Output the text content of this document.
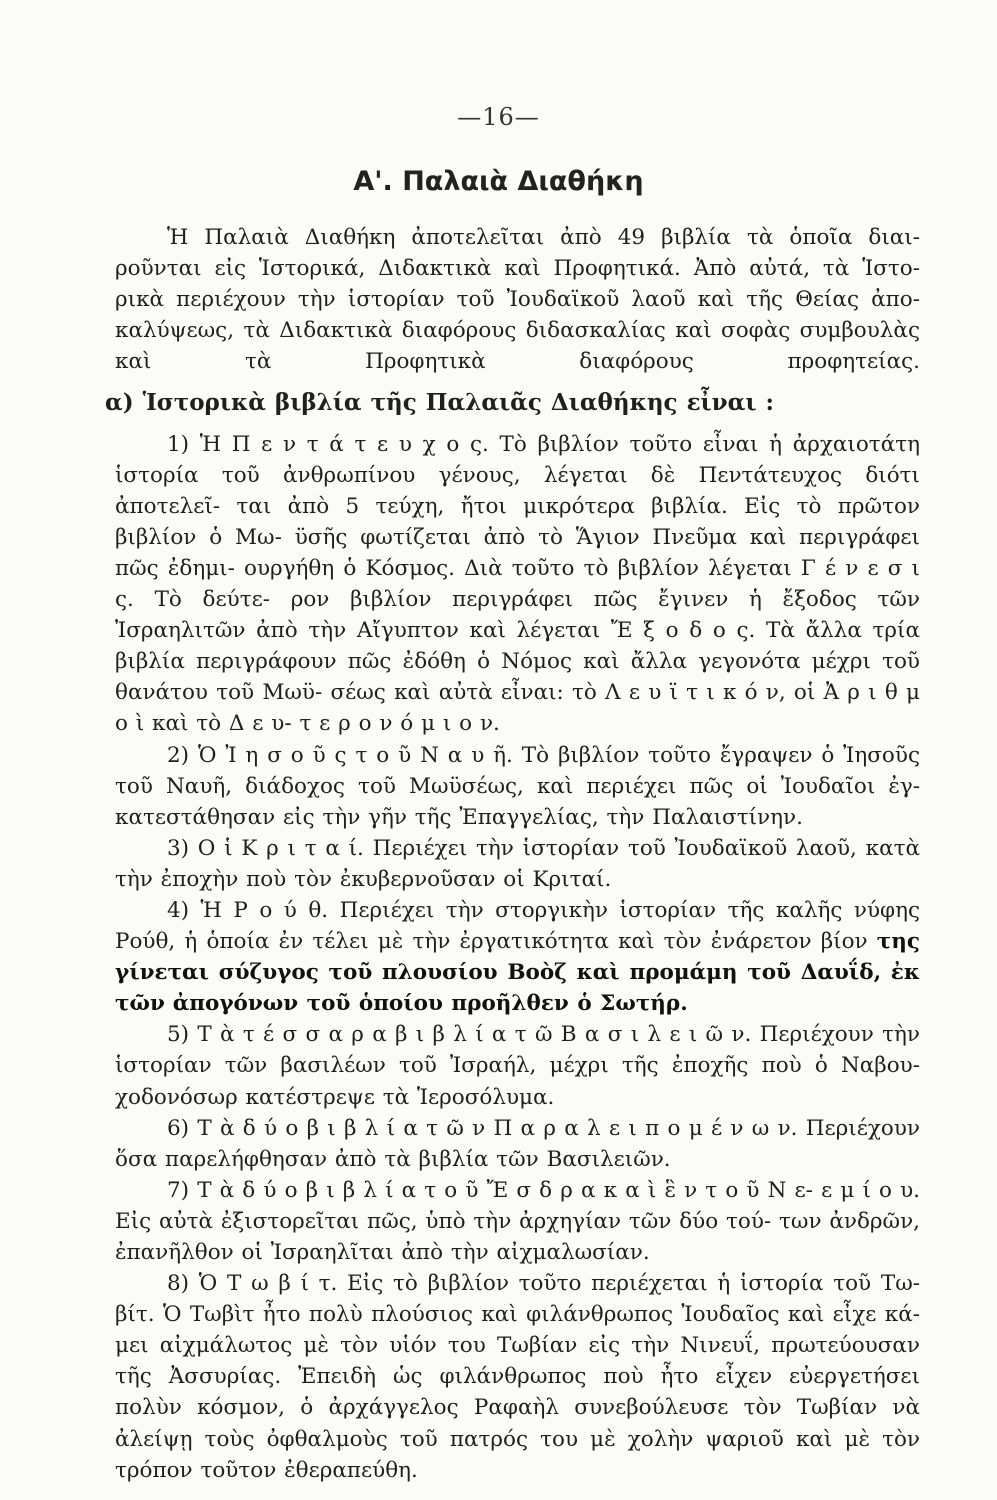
—16—
Α'. Παλαιὰ Διαθήκη

Ἡ Παλαιὰ Διαθήκη ἀποτελεῖται ἀπὸ 49 βιβλία τὰ ὁποῖα διαι- ροῦνται εἰς Ἱστορικά, Διδακτικὰ καὶ Προφητικά. Ἀπὸ αὐτά, τὰ Ἱστο- ρικὰ περιέχουν τὴν ἱστορίαν τοῦ Ἰουδαϊκοῦ λαοῦ καὶ τῆς Θείας ἀπο- καλύψεως, τὰ Διδακτικὰ διαφόρους διδασκαλίας καὶ σοφὰς συμβουλὰς καὶ τὰ Προφητικὰ διαφόρους προφητείας.

α) Ἱστορικὰ βιβλία τῆς Παλαιᾶς Διαθήκης εἶναι :

1) Ἡ Π ε ν τ ά τ ε υ χ ο ς. Τὸ βιβλίον τοῦτο εἶναι ἡ ἀρχαιοτάτη ἱστορία τοῦ ἀνθρωπίνου γένους, λέγεται δὲ Πεντάτευχος διότι ἀποτελεῖ- ται ἀπὸ 5 τεύχη, ἤτοι μικρότερα βιβλία. Εἰς τὸ πρῶτον βιβλίον ὁ Μω- ϋσῆς φωτίζεται ἀπὸ τὸ Ἅγιον Πνεῦμα καὶ περιγράφει πῶς ἐδημι- ουργήθη ὁ Κόσμος. Διὰ τοῦτο τὸ βιβλίον λέγεται Γ έ ν ε σ ι ς. Τὸ δεύτε- ρον βιβλίον περιγράφει πῶς ἔγινεν ἡ ἔξοδος τῶν Ἰσραηλιτῶν ἀπὸ τὴν Αἴγυπτον καὶ λέγεται Ἔ ξ ο δ ο ς. Τὰ ἄλλα τρία βιβλία περιγράφουν πῶς ἐδόθη ὁ Νόμος καὶ ἄλλα γεγονότα μέχρι τοῦ θανάτου τοῦ Μωϋ- σέως καὶ αὐτὰ εἶναι: τὸ Λ ε υ ϊ τ ι κ ό ν, οἱ Ἀ ρ ι θ μ ο ὶ καὶ τὸ Δ ε υ- τ ε ρ ο ν ό μ ι ο ν.

2) Ὁ Ἰ η σ ο ῦ ς τ ο ῦ Ν α υ ῆ. Τὸ βιβλίον τοῦτο ἔγραψεν ὁ Ἰησοῦς τοῦ Ναυῆ, διάδοχος τοῦ Μωϋσέως, καὶ περιέχει πῶς οἱ Ἰουδαῖοι ἐγ- κατεστάθησαν εἰς τὴν γῆν τῆς Ἐπαγγελίας, τὴν Παλαιστίνην.

3) Ο ἱ Κ ρ ι τ α ί. Περιέχει τὴν ἱστορίαν τοῦ Ἰουδαϊκοῦ λαοῦ, κατὰ τὴν ἐποχὴν ποὺ τὸν ἐκυβερνοῦσαν οἱ Κριταί.

4) Ἡ Ρ ο ύ θ. Περιέχει τὴν στοργικὴν ἱστορίαν τῆς καλῆς νύφης Ρούθ, ἡ ὁποία ἐν τέλει μὲ τὴν ἐργατικότητα καὶ τὸν ἐνάρετον βίον της γίνεται σύζυγος τοῦ πλουσίου Βοὸζ καὶ προμάμη τοῦ Δαυΐδ, ἐκ τῶν ἀπογόνων τοῦ ὁποίου προῆλθεν ὁ Σωτήρ.

5) Τ ὰ τ έ σ σ α ρ α β ι β λ ί α τ ῶ Β α σ ι λ ε ι ῶ ν. Περιέχουν τὴν ἱστορίαν τῶν βασιλέων τοῦ Ἰσραήλ, μέχρι τῆς ἐποχῆς ποὺ ὁ Ναβου- χοδονόσωρ κατέστρεψε τὰ Ἱεροσόλυμα.

6) Τ ὰ δ ύ ο β ι β λ ί α τ ῶ ν Π α ρ α λ ε ι π ο μ έ ν ω ν. Περιέχουν ὅσα παρελήφθησαν ἀπὸ τὰ βιβλία τῶν Βασιλειῶν.

7) Τ ὰ δ ύ ο β ι β λ ί α τ ο ῦ Ἔ σ δ ρ α κ α ὶ ἓ ν τ ο ῦ Ν ε- ε μ ί ο υ. Εἰς αὐτὰ ἐξιστορεῖται πῶς, ὑπὸ τὴν ἀρχηγίαν τῶν δύο τού- των ἀνδρῶν, ἐπανῆλθον οἱ Ἰσραηλῖται ἀπὸ τὴν αἰχμαλωσίαν.

8) Ὁ Τ ω β ί τ. Εἰς τὸ βιβλίον τοῦτο περιέχεται ἡ ἱστορία τοῦ Τω- βίτ. Ὁ Τωβὶτ ἦτο πολὺ πλούσιος καὶ φιλάνθρωπος Ἰουδαῖος καὶ εἶχε κά- μει αἰχμάλωτος μὲ τὸν υἱόν του Τωβίαν εἰς τὴν Νινευΐ, πρωτεύουσαν τῆς Ἀσσυρίας. Ἐπειδὴ ὡς φιλάνθρωπος ποὺ ἦτο εἶχεν εὐεργετήσει πολὺν κόσμον, ὁ ἀρχάγγελος Ραφαὴλ συνεβούλευσε τὸν Τωβίαν νὰ ἀλείψῃ τοὺς ὀφθαλμοὺς τοῦ πατρός του μὲ χολὴν ψαριοῦ καὶ μὲ τὸν τρόπον τοῦτον ἐθεραπεύθη.
